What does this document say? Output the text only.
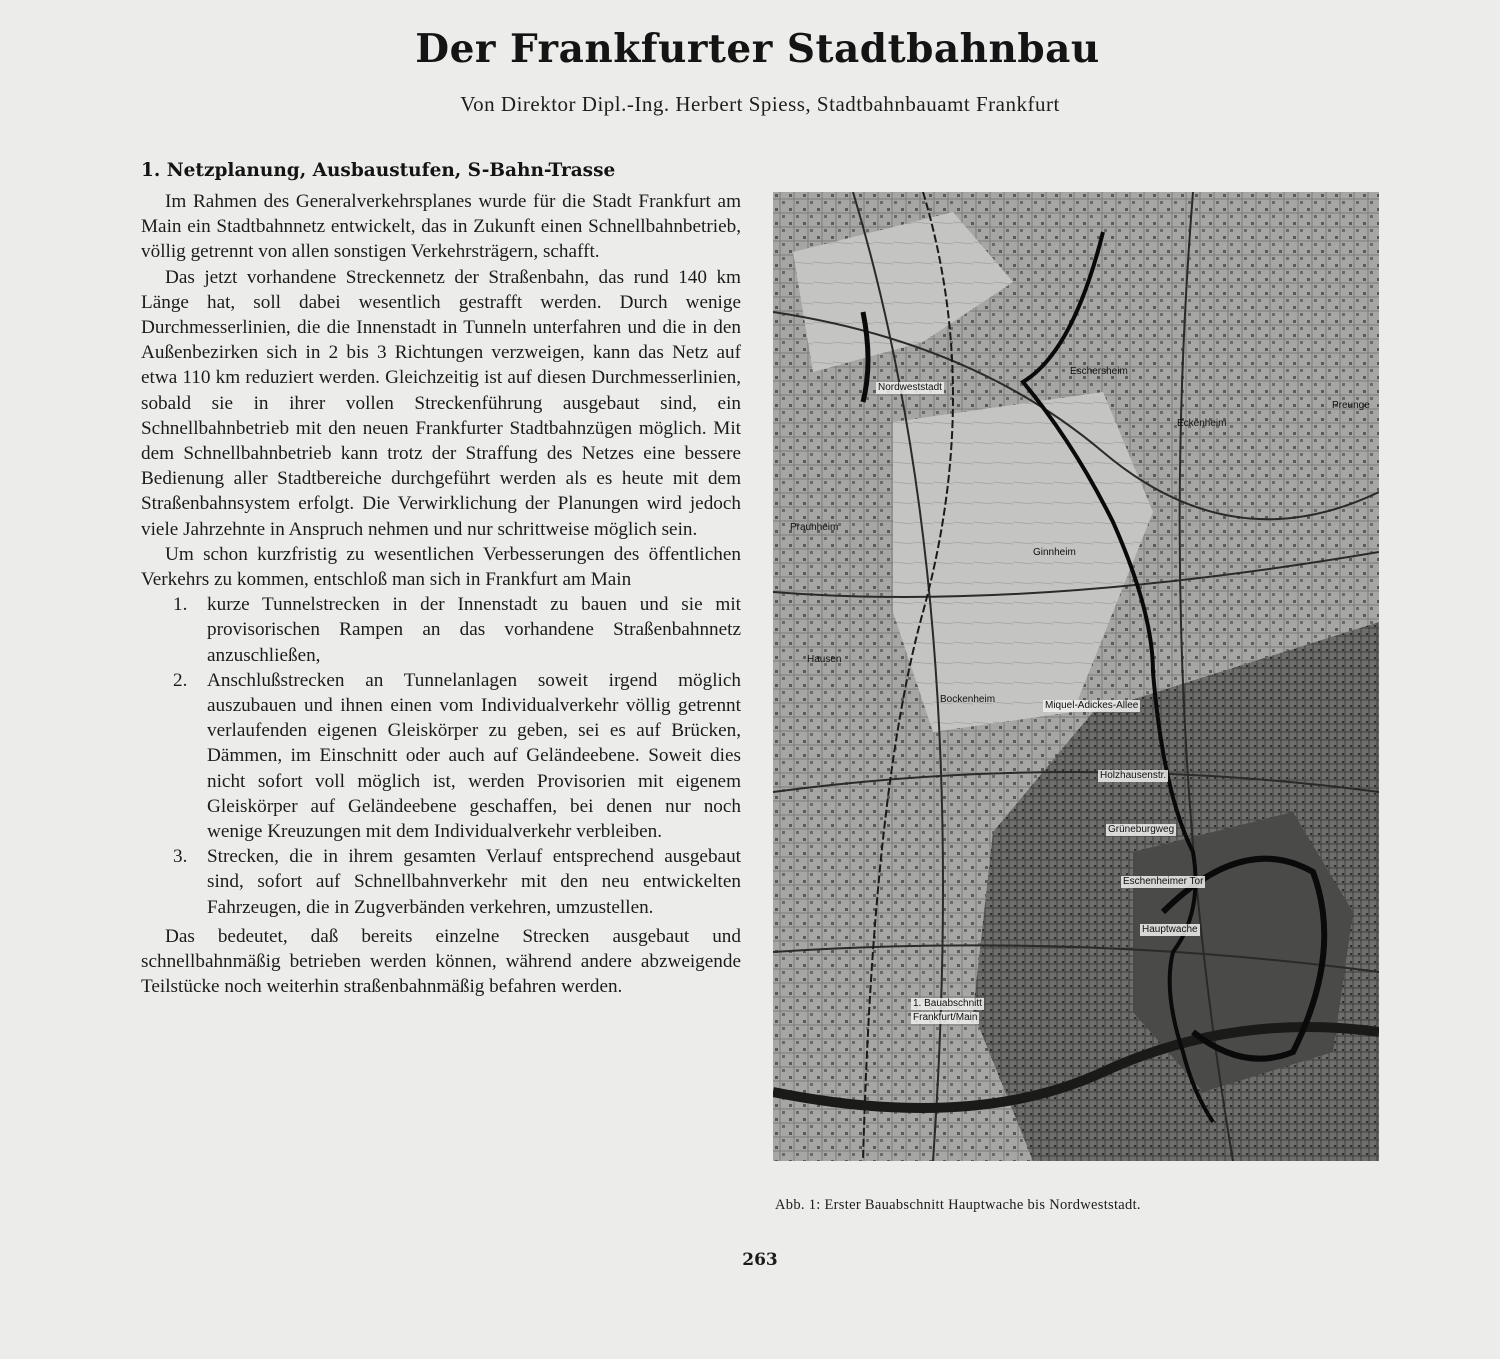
Der Frankfurter Stadtbahnbau
Von Direktor Dipl.-Ing. Herbert Spiess, Stadtbahnbauamt Frankfurt
1. Netzplanung, Ausbaustufen, S-Bahn-Trasse

Im Rahmen des Generalverkehrsplanes wurde für die Stadt Frankfurt am Main ein Stadtbahnnetz entwickelt, das in Zukunft einen Schnellbahnbetrieb, völlig getrennt von allen sonstigen Verkehrsträgern, schafft.

Das jetzt vorhandene Streckennetz der Straßenbahn, das rund 140 km Länge hat, soll dabei wesentlich gestrafft werden. Durch wenige Durchmesserlinien, die die Innenstadt in Tunneln unterfahren und die in den Außenbezirken sich in 2 bis 3 Richtungen verzweigen, kann das Netz auf etwa 110 km reduziert werden. Gleichzeitig ist auf diesen Durchmesserlinien, sobald sie in ihrer vollen Streckenführung ausgebaut sind, ein Schnellbahnbetrieb mit den neuen Frankfurter Stadtbahnzügen möglich. Mit dem Schnellbahnbetrieb kann trotz der Straffung des Netzes eine bessere Bedienung aller Stadtbereiche durchgeführt werden als es heute mit dem Straßenbahnsystem erfolgt. Die Verwirklichung der Planungen wird jedoch viele Jahrzehnte in Anspruch nehmen und nur schrittweise möglich sein.

Um schon kurzfristig zu wesentlichen Verbesserungen des öffentlichen Verkehrs zu kommen, entschloß man sich in Frankfurt am Main

1. kurze Tunnelstrecken in der Innenstadt zu bauen und sie mit provisorischen Rampen an das vorhandene Straßenbahnnetz anzuschließen,
2. Anschlußstrecken an Tunnelanlagen soweit irgend möglich auszubauen und ihnen einen vom Individualverkehr völlig getrennt verlaufenden eigenen Gleiskörper zu geben, sei es auf Brücken, Dämmen, im Einschnitt oder auch auf Geländeebene. Soweit dies nicht sofort voll möglich ist, werden Provisorien mit eigenem Gleiskörper auf Geländeebene geschaffen, bei denen nur noch wenige Kreuzungen mit dem Individualverkehr verbleiben.
3. Strecken, die in ihrem gesamten Verlauf entsprechend ausgebaut sind, sofort auf Schnellbahnverkehr mit den neu entwickelten Fahrzeugen, die in Zugverbänden verkehren, umzustellen.

Das bedeutet, daß bereits einzelne Strecken ausgebaut und schnellbahnmäßig betrieben werden können, während andere abzweigende Teilstücke noch weiterhin straßenbahnmäßig befahren werden.

Eschersheim
Eckenheim
Preunge
Praunheim
Ginnheim
Hausen
Bockenheim
Nordweststadt
Miquel-Adickes-Allee
Holzhausenstr.
Grüneburgweg
Eschenheimer Tor
Hauptwache
1. Bauabschnitt
Frankfurt/Main
Abb. 1: Erster Bauabschnitt Hauptwache bis Nordweststadt.
263
